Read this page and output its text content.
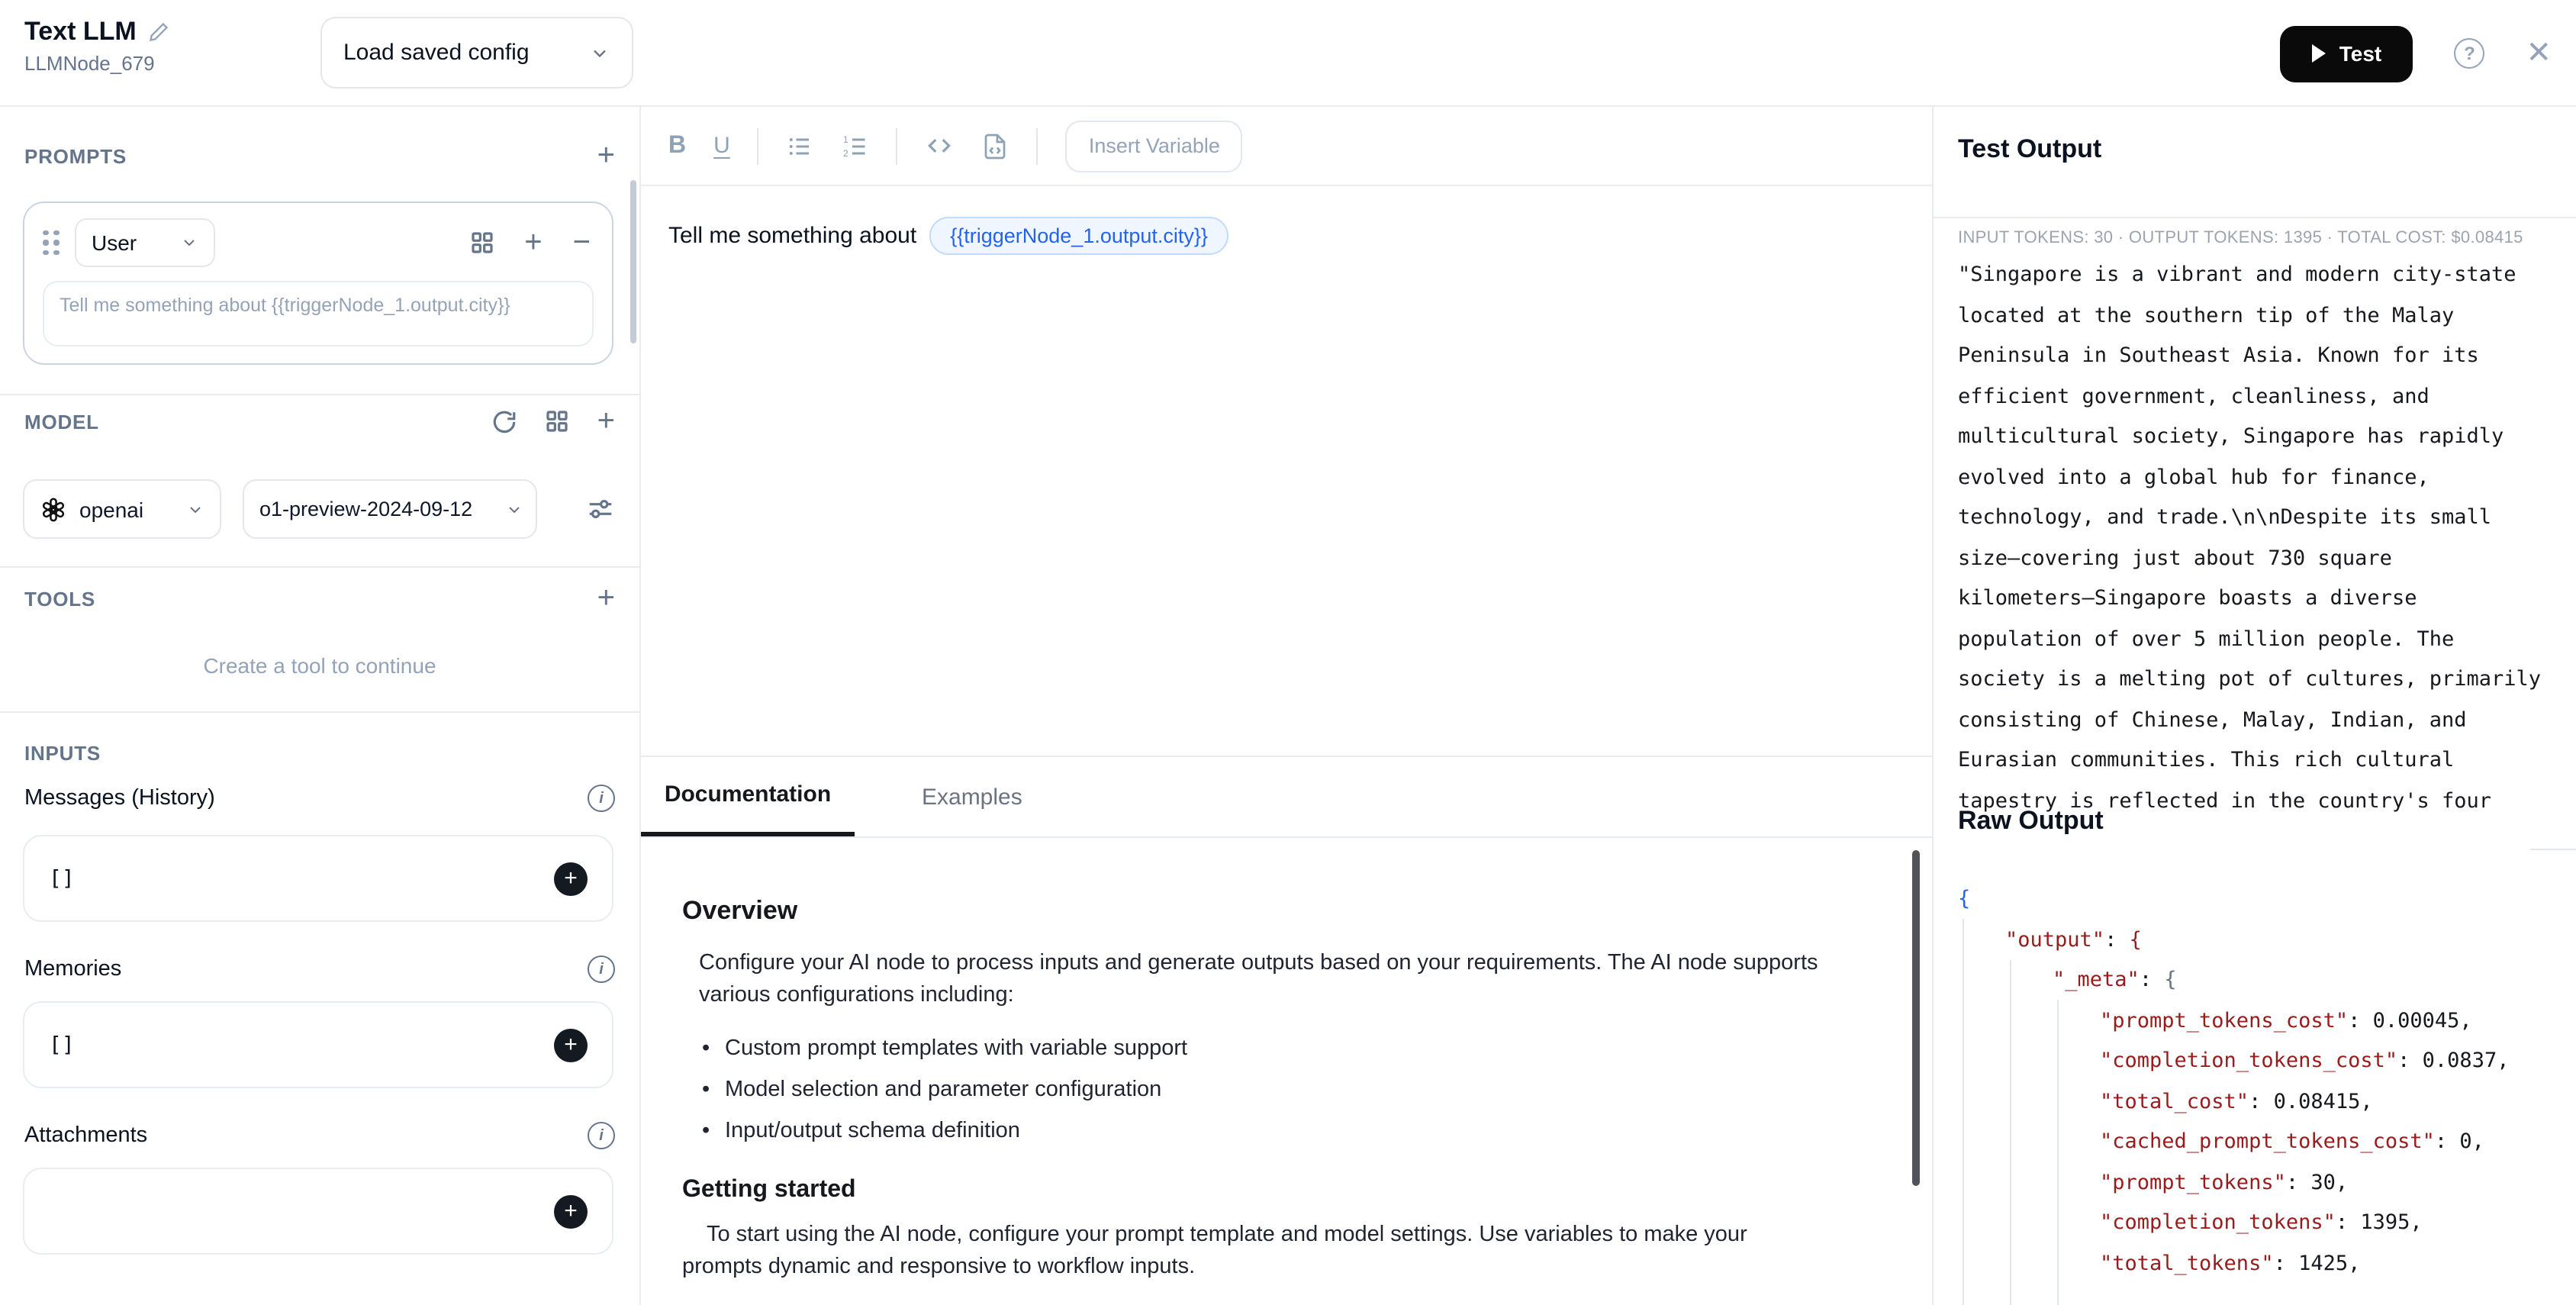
Text LLM
LLMNode_679	Load saved config	Test	?	✕
PROMPTS	+
User	+ −
Tell me something about {{triggerNode_1.output.city}}
MODEL	+
openai	o1-preview-2024-09-12
TOOLS	+
Create a tool to continue
INPUTS
Messages (History)	i
[]	+
Memories	i
[]	+
Attachments	i
+
B U	1
2	Insert Variable
Tell me something about	{{triggerNode_1.output.city}}
Documentation	Examples
Overview

Configure your AI node to process inputs and generate outputs based on your requirements. The AI node supports various configurations including:

• Custom prompt templates with variable support
• Model selection and parameter configuration
• Input/output schema definition
Getting started

To start using the AI node, configure your prompt template and model settings. Use variables to make your prompts dynamic and responsive to workflow inputs.

Test Output
INPUT TOKENS: 30 · OUTPUT TOKENS: 1395 · TOTAL COST: $0.08415
Raw Output
"Singapore is a vibrant and modern city-state
located at the southern tip of the Malay
Peninsula in Southeast Asia. Known for its
efficient government, cleanliness, and
multicultural society, Singapore has rapidly
evolved into a global hub for finance,
technology, and trade.\n\nDespite its small
size—covering just about 730 square
kilometers—Singapore boasts a diverse
population of over 5 million people. The
society is a melting pot of cultures, primarily
consisting of Chinese, Malay, Indian, and
Eurasian communities. This rich cultural
tapestry is reflected in the country's four
{
"output": {
"_meta": {
"prompt_tokens_cost": 0.00045,
"completion_tokens_cost": 0.0837,
"total_cost": 0.08415,
"cached_prompt_tokens_cost": 0,
"prompt_tokens": 30,
"completion_tokens": 1395,
"total_tokens": 1425,
